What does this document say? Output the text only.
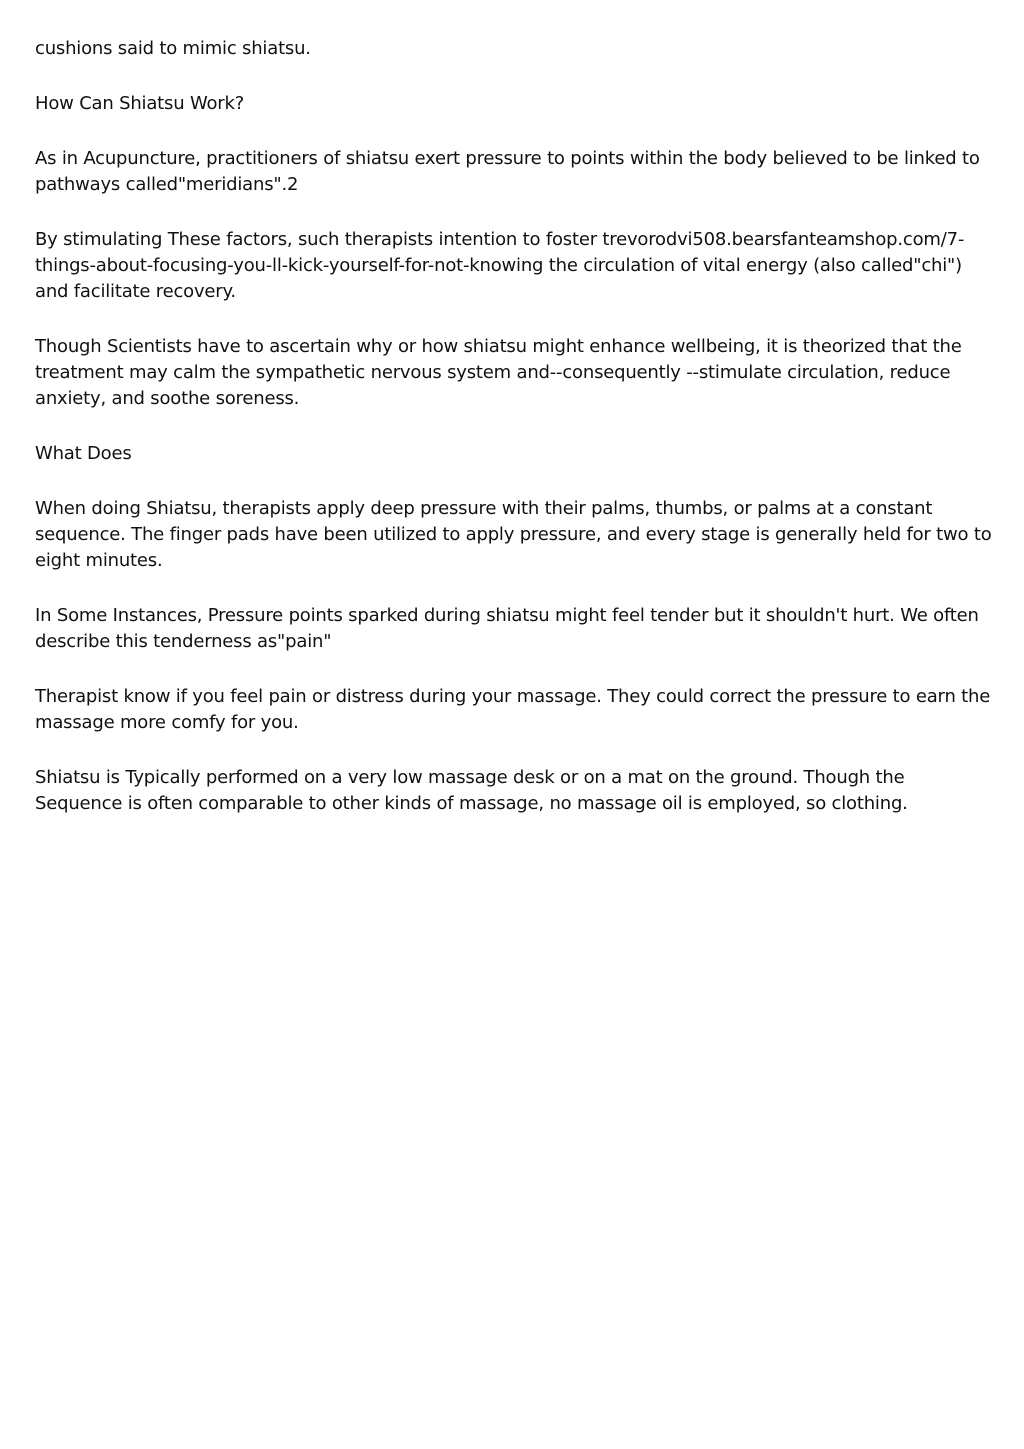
cushions said to mimic shiatsu.

How Can Shiatsu Work?

As in Acupuncture, practitioners of shiatsu exert pressure to points within the body believed to be linked to pathways called"meridians".2

By stimulating These factors, such therapists intention to foster trevorodvi508.bearsfanteamshop.com/7-things-about-focusing-you-ll-kick-yourself-for-not-knowing the circulation of vital energy (also called"chi") and facilitate recovery.

Though Scientists have to ascertain why or how shiatsu might enhance wellbeing, it is theorized that the treatment may calm the sympathetic nervous system and--consequently --stimulate circulation, reduce anxiety, and soothe soreness.

What Does

When doing Shiatsu, therapists apply deep pressure with their palms, thumbs, or palms at a constant sequence. The finger pads have been utilized to apply pressure, and every stage is generally held for two to eight minutes.

In Some Instances, Pressure points sparked during shiatsu might feel tender but it shouldn't hurt. We often describe this tenderness as"pain"

Therapist know if you feel pain or distress during your massage. They could correct the pressure to earn the massage more comfy for you.

Shiatsu is Typically performed on a very low massage desk or on a mat on the ground. Though the Sequence is often comparable to other kinds of massage, no massage oil is employed, so clothing.
